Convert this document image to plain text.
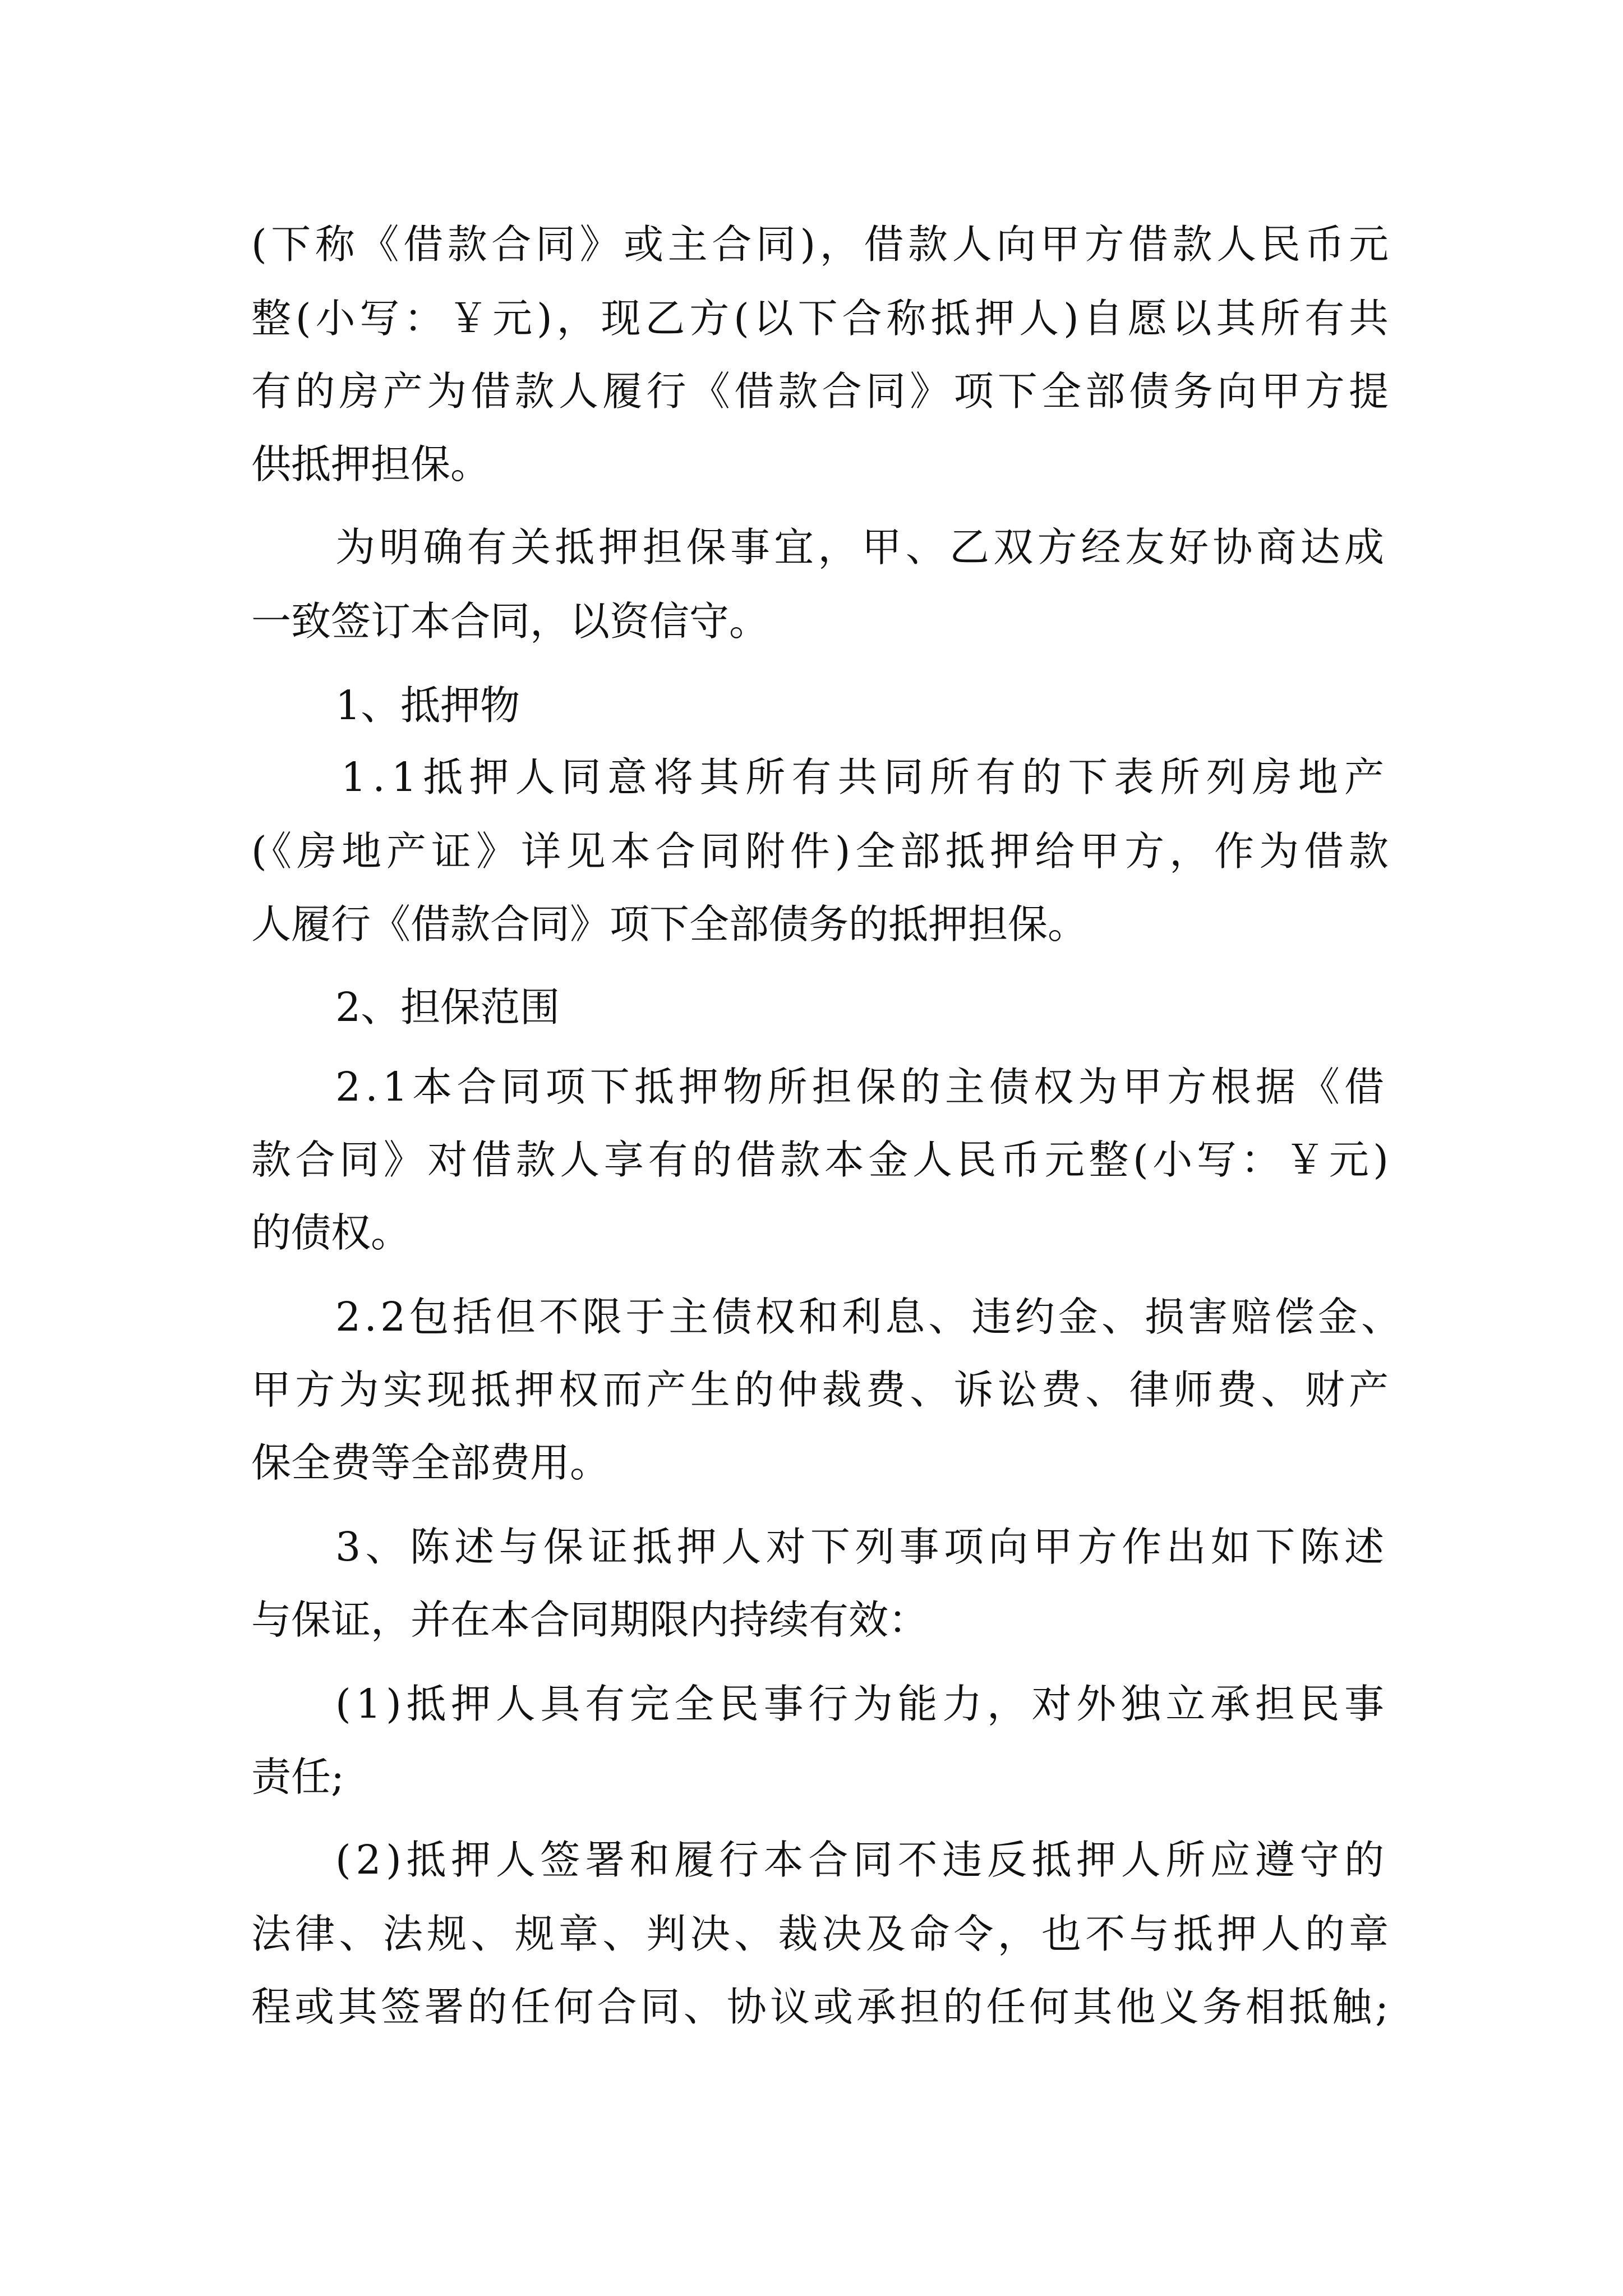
(下称《借款合同》或主合同)，借款人向甲方借款人民币元
整(小写：￥元)，现乙方(以下合称抵押人)自愿以其所有共
有的房产为借款人履行《借款合同》项下全部债务向甲方提
供抵押担保。
为明确有关抵押担保事宜，甲、乙双方经友好协商达成
一致签订本合同，以资信守。
1、抵押物
1.1抵押人同意将其所有共同所有的下表所列房地产
(《房地产证》详见本合同附件)全部抵押给甲方，作为借款
人履行《借款合同》项下全部债务的抵押担保。
2、担保范围
2.1本合同项下抵押物所担保的主债权为甲方根据《借
款合同》对借款人享有的借款本金人民币元整(小写：￥元)
的债权。
2.2包括但不限于主债权和利息、违约金、损害赔偿金、
甲方为实现抵押权而产生的仲裁费、诉讼费、律师费、财产
保全费等全部费用。
3、陈述与保证抵押人对下列事项向甲方作出如下陈述
与保证，并在本合同期限内持续有效：
(1)抵押人具有完全民事行为能力，对外独立承担民事
责任;
(2)抵押人签署和履行本合同不违反抵押人所应遵守的
法律、法规、规章、判决、裁决及命令，也不与抵押人的章
程或其签署的任何合同、协议或承担的任何其他义务相抵触;
